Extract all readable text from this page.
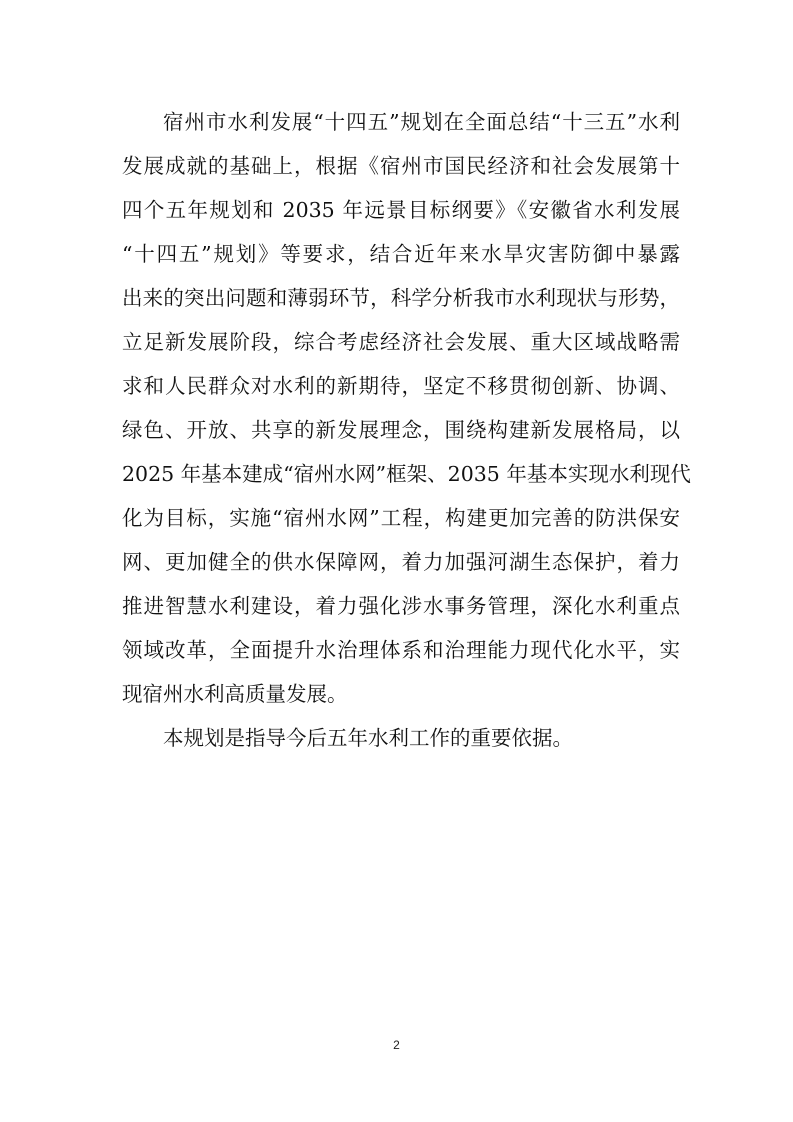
宿州市水利发展“十四五”规划在全面总结“十三五”水利
发展成就的基础上，根据《宿州市国民经济和社会发展第十
四个五年规划和 2035 年远景目标纲要》《安徽省水利发展
“十四五”规划》等要求，结合近年来水旱灾害防御中暴露
出来的突出问题和薄弱环节，科学分析我市水利现状与形势，
立足新发展阶段，综合考虑经济社会发展、重大区域战略需
求和人民群众对水利的新期待，坚定不移贯彻创新、协调、
绿色、开放、共享的新发展理念，围绕构建新发展格局，以
2025 年基本建成“宿州水网”框架、2035 年基本实现水利现代
化为目标，实施“宿州水网”工程，构建更加完善的防洪保安
网、更加健全的供水保障网，着力加强河湖生态保护，着力
推进智慧水利建设，着力强化涉水事务管理，深化水利重点
领域改革，全面提升水治理体系和治理能力现代化水平，实
现宿州水利高质量发展。
本规划是指导今后五年水利工作的重要依据。
2
